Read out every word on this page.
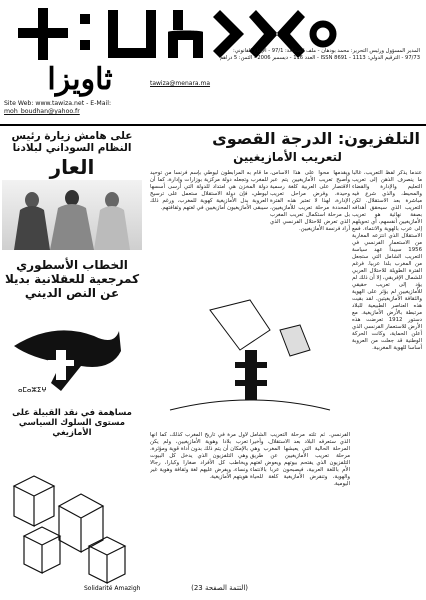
ثاويزا
المدير المسؤول ورئيس التحرير: محمد بودهان - ملف الصحافة: 97/1 - الإيداع القانوني:
97/73 - الترقيم الدولي: 1113 - 8691 ISSN - العدد 116 - ديسمبر 2006 - الثمن: 5 دراهم
tawiza@menara.ma
Site Web: www.tawiza.net - E-Mail: moh_boudhan@yahoo.fr
على هامش زيارة رئيس النظام السوداني لبلادنا
العار
الخطاب الأسطوري كمرجعية للعقلانية بديلا عن النص الديني
ⴰⵎⴰⵣⵉⵖ
مساهمة في نقد القبيلة على مستوى السلوك السياسي الأمازيغي
Solidarité Amazigh
التلفزيون: الدرجة القصوى
لتعريب الأمازيغيين
عندما يذكر لفظ التعريب، غالبا ما ينصرف الذهن إلى تعريب التعليم والإدارة والقضاء والمحيط، والذي شرع فيه مباشرة بعد الاستقلال. لكن التعريب الذي سيحقق أهدافه بصفة نهائية هو تعريب الأمازيغيين أنفسهم، أي تحويلهم إلى عرب بالهوية والانتماء. فمع الاستقلال الذي انتزعه المغاربة من الاستعمار الفرنسي في 1956 سيبدأ عهد سياسة التعريب الشامل التي ستجعل من المغرب بلدا عربيا. فرغم الفترة الطويلة للاحتلال العربي للشمال الإفريقي، إلا أن ذلك لم يؤد إلى تعريب حقيقي للأمازيغيين لم يؤثر على الهوية والثقافة الأمازيغيتين. لقد بقيت هذه العناصر الطبيعية للبلاد مرتبطة بالأرض الأمازيغية. مع دستور 1912 تعرضت هذه الأرض للاستعمار الفرنسي الذي أعلن الحماية، وكانت الحركة الوطنية قد جعلت من العروبة أساسا للهوية المغربية.
ويقدمها محوا على هذا الأساس، وأصبح تعريب الأمازيغيين يتم عبر الاقتصار على العربية كلغة رسمية وحيدة، وفرض مراحل تعريب الإدارة، لهذا لا تعتبر هذه الفترة المحددة مرحلة تعريب للأمازيغيين، بل مرحلة استكمال تعريب المغرب الذي تعرض للاحتلال الفرنسي الذي أراد فرنسة الأمازيغيين.
ما قام به المرابطون ليوطي بإسم فرنسا من توحيد للمغرب وتجعله دولة مركزية بوزارات وإدارة، كما أن دولة المخزن هي امتداد للدولة التي أرسى أسسها ليوطي، فإن دولة الاستقلال ستعمل على ترسيخ العروبة بدل الأمازيغية كهوية للمغرب، ورغم ذلك سيبقى الأمازيغيون أمازيغيين في لغتهم وثقافتهم.
لأول مرة في تاريخ المغرب كذلك، كما أنها تعرب بلادا وهوية الأمازيغيين، ولم يكن بالإمكان أن يتم ذلك بدون أداة قوية ومؤثرة، وهي التلفزيون الذي يدخل كل البيوت ويخاطب كل الأفراد صغارا وكبارا، رجالا ونساء، ويفرض عليهم لغة وثقافة وهوية غير هويتهم الأمازيغية.
الفرنسي. ثم تلته مرحلة التعريب الشامل الذي ستعرفه البلاد بعد الاستقلال، وأخيرا المرحلة الحالية التي يعيشها المغرب وهي مرحلة تعريب الأمازيغيين عن طريق التلفزيون الذي يقتحم بيوتهم ويعوض لغتهم الأم باللغة العربية، فيصبحون عربا بالانتماء والهوية، وتنقرض الأمازيغية كلغة للحياة اليومية.
(التتمة الصفحة 23)
